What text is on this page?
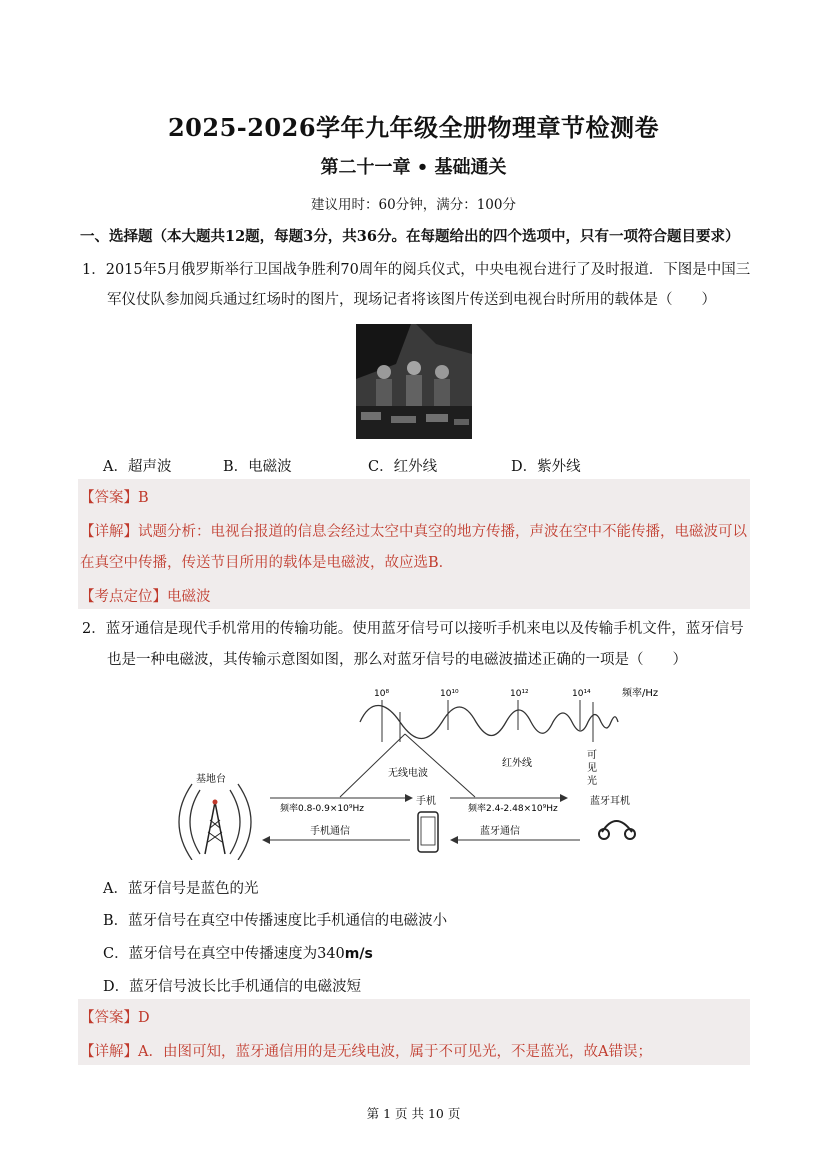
2025-2026学年九年级全册物理章节检测卷
第二十一章 • 基础通关
建议用时：60分钟，满分：100分
一、选择题（本大题共12题，每题3分，共36分。在每题给出的四个选项中，只有一项符合题目要求）
1．2015年5月俄罗斯举行卫国战争胜利70周年的阅兵仪式，中央电视台进行了及时报道．下图是中国三
军仪仗队参加阅兵通过红场时的图片，现场记者将该图片传送到电视台时所用的载体是（　　）
A．超声波	B．电磁波	C．红外线	D．紫外线
【答案】B
【详解】试题分析：电视台报道的信息会经过太空中真空的地方传播，声波在空中不能传播，电磁波可以
在真空中传播，传送节目所用的载体是电磁波，故应选B．
【考点定位】电磁波
2．蓝牙通信是现代手机常用的传输功能。使用蓝牙信号可以接听手机来电以及传输手机文件，蓝牙信号
也是一种电磁波，其传输示意图如图，那么对蓝牙信号的电磁波描述正确的一项是（　　）
10⁸	10¹⁰	10¹²	10¹⁴	频率/Hz
红外线
可
见
光
无线电波
基地台
频率0.8-0.9×10⁹Hz
手机通信
手机
频率2.4-2.48×10⁹Hz
蓝牙通信
蓝牙耳机
A．蓝牙信号是蓝色的光
B．蓝牙信号在真空中传播速度比手机通信的电磁波小
C．蓝牙信号在真空中传播速度为340m/s
D．蓝牙信号波长比手机通信的电磁波短
【答案】D
【详解】A．由图可知，蓝牙通信用的是无线电波，属于不可见光，不是蓝光，故A错误；
第 1 页 共 10 页
